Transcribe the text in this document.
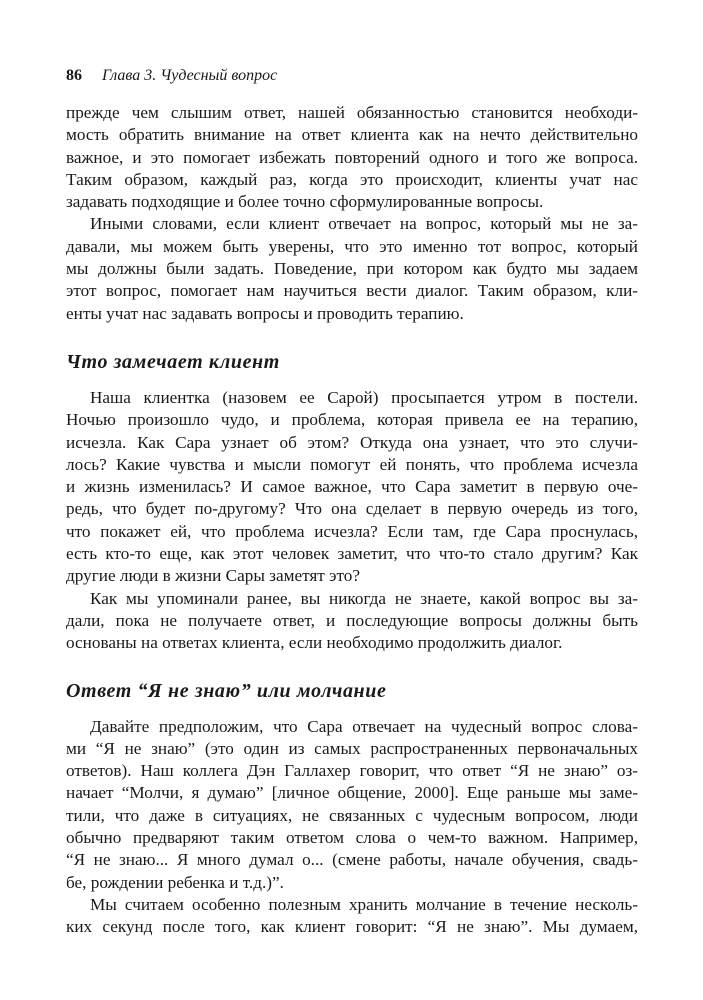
86 Глава 3. Чудесный вопрос
прежде чем слышим ответ, нашей обязанностью становится необходи-
мость обратить внимание на ответ клиента как на нечто действительно
важное, и это помогает избежать повторений одного и того же вопроса.
Таким образом, каждый раз, когда это происходит, клиенты учат нас
задавать подходящие и более точно сформулированные вопросы.
Иными словами, если клиент отвечает на вопрос, который мы не за-
давали, мы можем быть уверены, что это именно тот вопрос, который
мы должны были задать. Поведение, при котором как будто мы задаем
этот вопрос, помогает нам научиться вести диалог. Таким образом, кли-
енты учат нас задавать вопросы и проводить терапию.
Что замечает клиент
Наша клиентка (назовем ее Сарой) просыпается утром в постели.
Ночью произошло чудо, и проблема, которая привела ее на терапию,
исчезла. Как Сара узнает об этом? Откуда она узнает, что это случи-
лось? Какие чувства и мысли помогут ей понять, что проблема исчезла
и жизнь изменилась? И самое важное, что Сара заметит в первую оче-
редь, что будет по-другому? Что она сделает в первую очередь из того,
что покажет ей, что проблема исчезла? Если там, где Сара проснулась,
есть кто-то еще, как этот человек заметит, что что-то стало другим? Как
другие люди в жизни Сары заметят это?
Как мы упоминали ранее, вы никогда не знаете, какой вопрос вы за-
дали, пока не получаете ответ, и последующие вопросы должны быть
основаны на ответах клиента, если необходимо продолжить диалог.
Ответ “Я не знаю” или молчание
Давайте предположим, что Сара отвечает на чудесный вопрос слова-
ми “Я не знаю” (это один из самых распространенных первоначальных
ответов). Наш коллега Дэн Галлахер говорит, что ответ “Я не знаю” оз-
начает “Молчи, я думаю” [личное общение, 2000]. Еще раньше мы заме-
тили, что даже в ситуациях, не связанных с чудесным вопросом, люди
обычно предваряют таким ответом слова о чем-то важном. Например,
“Я не знаю... Я много думал о... (смене работы, начале обучения, свадь-
бе, рождении ребенка и т.д.)”.
Мы считаем особенно полезным хранить молчание в течение несколь-
ких секунд после того, как клиент говорит: “Я не знаю”. Мы думаем,
